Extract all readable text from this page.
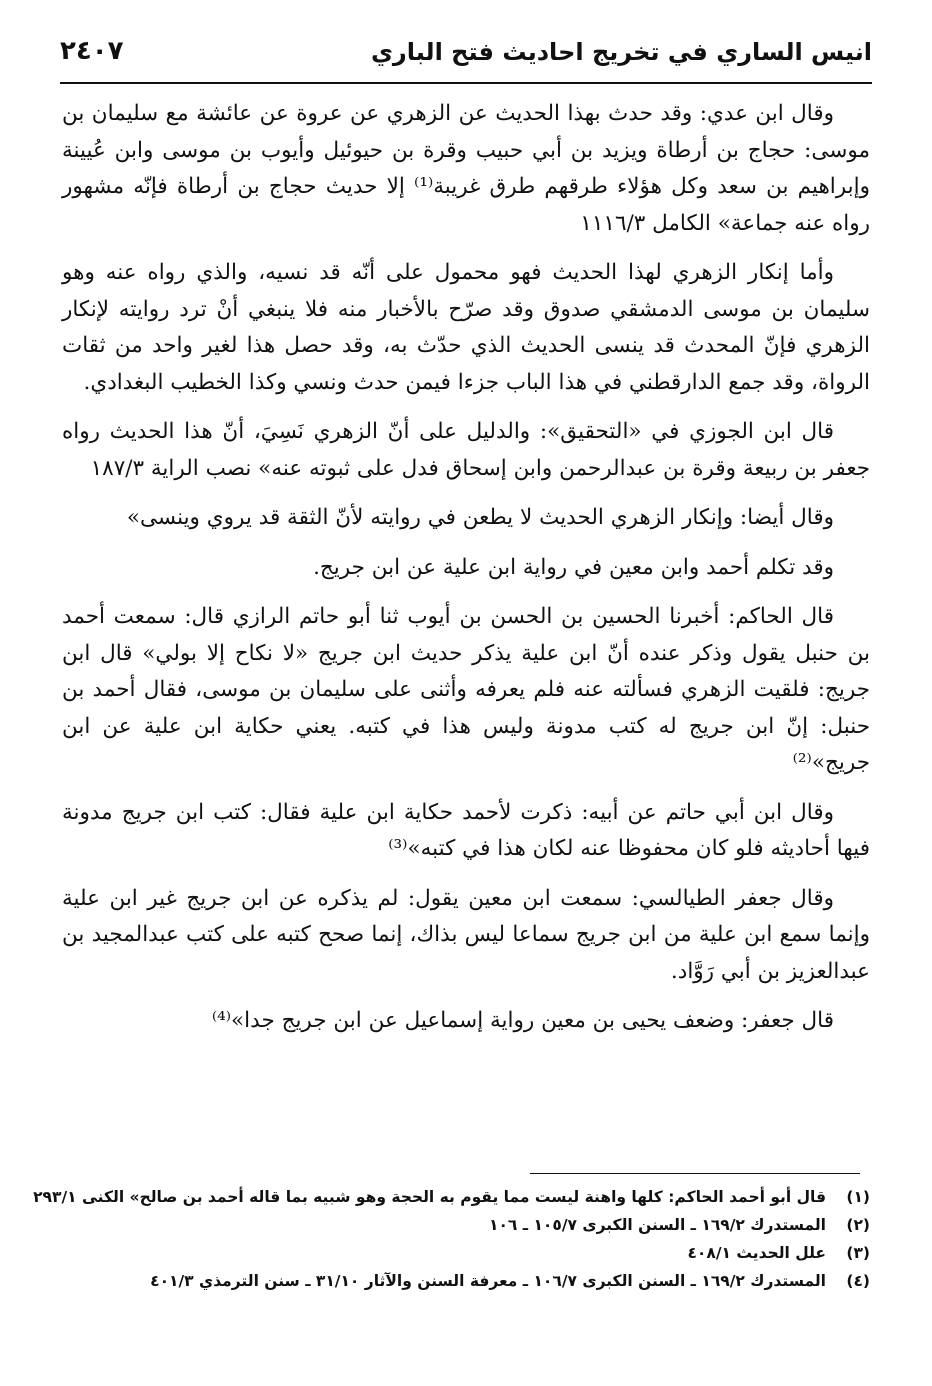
انيس الساري في تخريج احاديث فتح الباري
٢٤٠٧

وقال ابن عدي: وقد حدث بهذا الحديث عن الزهري عن عروة عن عائشة مع سليمان بن موسى: حجاج بن أرطاة ويزيد بن أبي حبيب وقرة بن حيوئيل وأيوب بن موسى وابن عُيينة وإبراهيم بن سعد وكل هؤلاء طرقهم طرق غريبة⁽¹⁾ إلا حديث حجاج بن أرطاة فإنّه مشهور رواه عنه جماعة» الكامل ١١١٦/٣

وأما إنكار الزهري لهذا الحديث فهو محمول على أنّه قد نسيه، والذي رواه عنه وهو سليمان بن موسى الدمشقي صدوق وقد صرّح بالأخبار منه فلا ينبغي أنْ ترد روايته لإنكار الزهري فإنّ المحدث قد ينسى الحديث الذي حدّث به، وقد حصل هذا لغير واحد من ثقات الرواة، وقد جمع الدارقطني في هذا الباب جزءا فيمن حدث ونسي وكذا الخطيب البغدادي.

قال ابن الجوزي في «التحقيق»: والدليل على أنّ الزهري نَسِيَ، أنّ هذا الحديث رواه جعفر بن ربيعة وقرة بن عبدالرحمن وابن إسحاق فدل على ثبوته عنه» نصب الراية ١٨٧/٣

وقال أيضا: وإنكار الزهري الحديث لا يطعن في روايته لأنّ الثقة قد يروي وينسى»

وقد تكلم أحمد وابن معين في رواية ابن علية عن ابن جريج.

قال الحاكم: أخبرنا الحسين بن الحسن بن أيوب ثنا أبو حاتم الرازي قال: سمعت أحمد بن حنبل يقول وذكر عنده أنّ ابن علية يذكر حديث ابن جريج «لا نكاح إلا بولي» قال ابن جريج: فلقيت الزهري فسألته عنه فلم يعرفه وأثنى على سليمان بن موسى، فقال أحمد بن حنبل: إنّ ابن جريج له كتب مدونة وليس هذا في كتبه. يعني حكاية ابن علية عن ابن جريج»⁽²⁾

وقال ابن أبي حاتم عن أبيه: ذكرت لأحمد حكاية ابن علية فقال: كتب ابن جريج مدونة فيها أحاديثه فلو كان محفوظا عنه لكان هذا في كتبه»⁽³⁾

وقال جعفر الطيالسي: سمعت ابن معين يقول: لم يذكره عن ابن جريج غير ابن علية وإنما سمع ابن علية من ابن جريج سماعا ليس بذاك، إنما صحح كتبه على كتب عبدالمجيد بن عبدالعزيز بن أبي رَوَّاد.

قال جعفر: وضعف يحيى بن معين رواية إسماعيل عن ابن جريج جدا»⁽⁴⁾

(١)
قال أبو أحمد الحاكم: كلها واهنة ليست مما يقوم به الحجة وهو شبيه بما قاله أحمد بن صالح» الكنى ٢٩٣/١
(٢)
المستدرك ١٦٩/٢ ـ السنن الكبرى ١٠٥/٧ ـ ١٠٦
(٣)
علل الحديث ٤٠٨/١
(٤)
المستدرك ١٦٩/٢ ـ السنن الكبرى ١٠٦/٧ ـ معرفة السنن والآثار ٣١/١٠ ـ سنن الترمذي ٤٠١/٣
